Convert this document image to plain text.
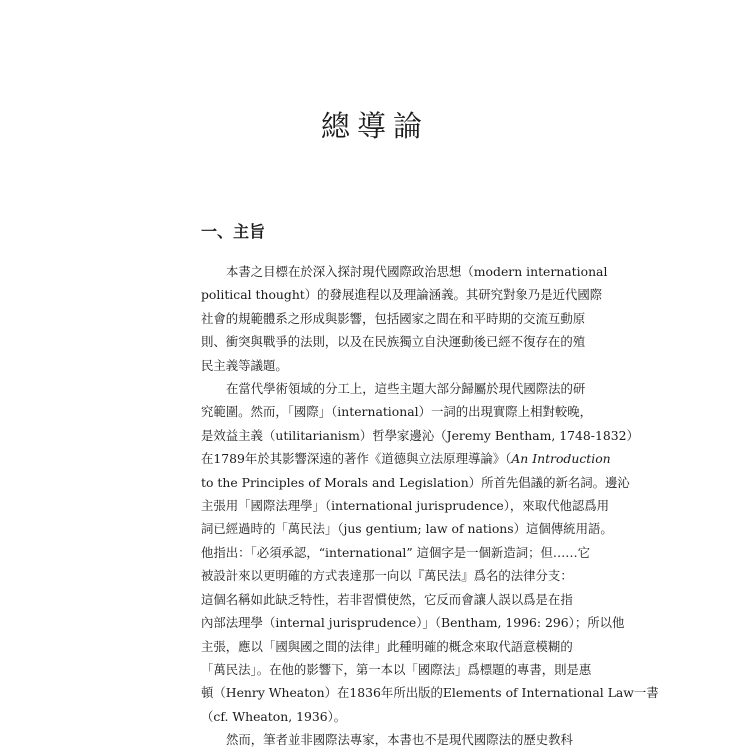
總導論
一、主旨
本書之目標在於深入探討現代國際政治思想（modern international
political thought）的發展進程以及理論涵義。其研究對象乃是近代國際
社會的規範體系之形成與影響，包括國家之間在和平時期的交流互動原
則、衝突與戰爭的法則，以及在民族獨立自決運動後已經不復存在的殖
民主義等議題。
在當代學術領域的分工上，這些主題大部分歸屬於現代國際法的研
究範圍。然而，「國際」（international）一詞的出現實際上相對較晚，
是效益主義（utilitarianism）哲學家邊沁（Jeremy Bentham, 1748-1832）
在1789年於其影響深遠的著作《道德與立法原理導論》（An Introduction
to the Principles of Morals and Legislation）所首先倡議的新名詞。邊沁
主張用「國際法理學」（international jurisprudence），來取代他認爲用
詞已經過時的「萬民法」（jus gentium; law of nations）這個傳統用語。
他指出：「必須承認，“international” 這個字是一個新造詞；但……它
被設計來以更明確的方式表達那一向以『萬民法』爲名的法律分支：
這個名稱如此缺乏特性，若非習慣使然，它反而會讓人誤以爲是在指
內部法理學（internal jurisprudence）」（Bentham, 1996: 296）；所以他
主張，應以「國與國之間的法律」此種明確的概念來取代語意模糊的
「萬民法」。在他的影響下，第一本以「國際法」爲標題的專書，則是惠
頓（Henry Wheaton）在1836年所出版的Elements of International Law一書
（cf. Wheaton, 1936）。
然而，筆者並非國際法專家，本書也不是現代國際法的歷史教科
